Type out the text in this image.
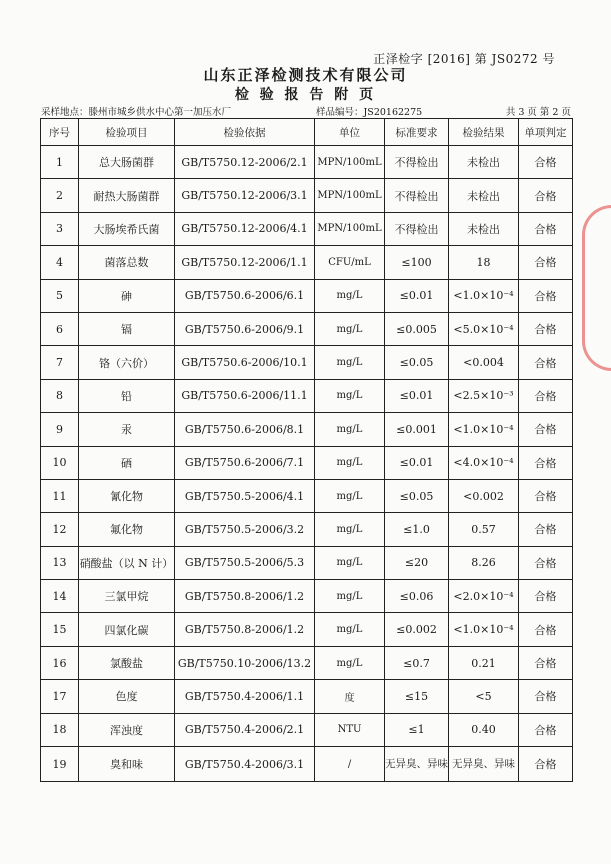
正泽检字 [2016] 第 JS0272 号
山东正泽检测技术有限公司
检 验 报 告 附 页
采样地点：滕州市城乡供水中心第一加压水厂	样品编号：JS20162275	共 3 页 第 2 页
序号	检验项目	检验依据	单位	标准要求	检验结果	单项判定
1	总大肠菌群	GB/T5750.12-2006/2.1	MPN/100mL	不得检出	未检出	合格
2	耐热大肠菌群	GB/T5750.12-2006/3.1	MPN/100mL	不得检出	未检出	合格
3	大肠埃希氏菌	GB/T5750.12-2006/4.1	MPN/100mL	不得检出	未检出	合格
4	菌落总数	GB/T5750.12-2006/1.1	CFU/mL	≤100	18	合格
5	砷	GB/T5750.6-2006/6.1	mg/L	≤0.01	<1.0×10⁻⁴	合格
6	镉	GB/T5750.6-2006/9.1	mg/L	≤0.005	<5.0×10⁻⁴	合格
7	铬（六价）	GB/T5750.6-2006/10.1	mg/L	≤0.05	<0.004	合格
8	铅	GB/T5750.6-2006/11.1	mg/L	≤0.01	<2.5×10⁻³	合格
9	汞	GB/T5750.6-2006/8.1	mg/L	≤0.001	<1.0×10⁻⁴	合格
10	硒	GB/T5750.6-2006/7.1	mg/L	≤0.01	<4.0×10⁻⁴	合格
11	氰化物	GB/T5750.5-2006/4.1	mg/L	≤0.05	<0.002	合格
12	氟化物	GB/T5750.5-2006/3.2	mg/L	≤1.0	0.57	合格
13	硝酸盐（以 N 计）	GB/T5750.5-2006/5.3	mg/L	≤20	8.26	合格
14	三氯甲烷	GB/T5750.8-2006/1.2	mg/L	≤0.06	<2.0×10⁻⁴	合格
15	四氯化碳	GB/T5750.8-2006/1.2	mg/L	≤0.002	<1.0×10⁻⁴	合格
16	氯酸盐	GB/T5750.10-2006/13.2	mg/L	≤0.7	0.21	合格
17	色度	GB/T5750.4-2006/1.1	度	≤15	<5	合格
18	浑浊度	GB/T5750.4-2006/2.1	NTU	≤1	0.40	合格
19	臭和味	GB/T5750.4-2006/3.1	/	无异臭、异味	无异臭、异味	合格
